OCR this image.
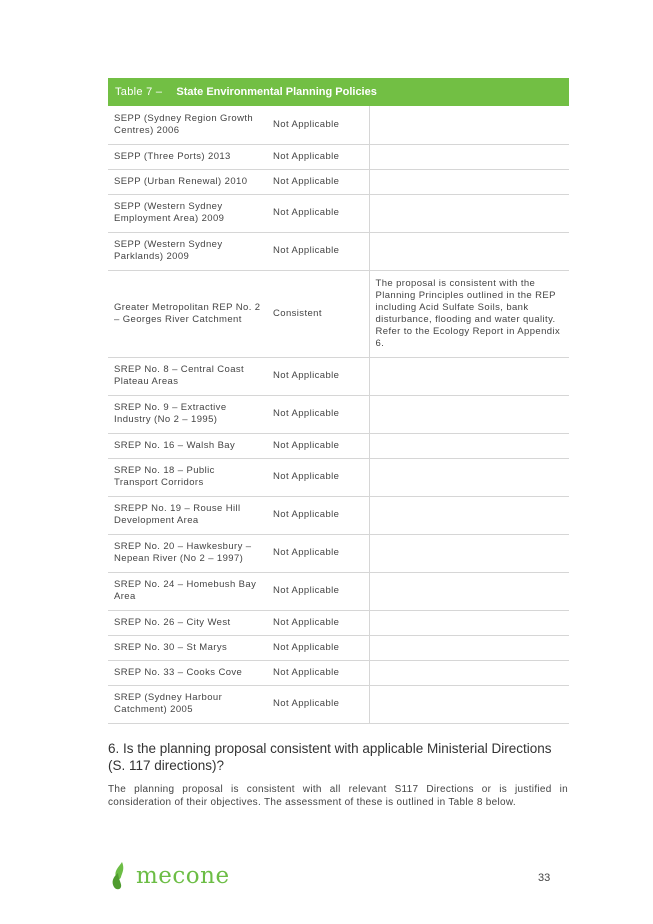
Table 7 – State Environmental Planning Policies
SEPP (Sydney Region Growth Centres) 2006	Not Applicable	
SEPP (Three Ports) 2013	Not Applicable	
SEPP (Urban Renewal) 2010	Not Applicable	
SEPP (Western Sydney Employment Area) 2009	Not Applicable	
SEPP (Western Sydney Parklands) 2009	Not Applicable	
Greater Metropolitan REP No. 2 – Georges River Catchment	Consistent	The proposal is consistent with the Planning Principles outlined in the REP including Acid Sulfate Soils, bank disturbance, flooding and water quality. Refer to the Ecology Report in Appendix 6.
SREP No. 8 – Central Coast Plateau Areas	Not Applicable	
SREP No. 9 – Extractive Industry (No 2 – 1995)	Not Applicable	
SREP No. 16 – Walsh Bay	Not Applicable	
SREP No. 18 – Public Transport Corridors	Not Applicable	
SREPP No. 19 – Rouse Hill Development Area	Not Applicable	
SREP No. 20 – Hawkesbury – Nepean River (No 2 – 1997)	Not Applicable	
SREP No. 24 – Homebush Bay Area	Not Applicable	
SREP No. 26 – City West	Not Applicable	
SREP No. 30 – St Marys	Not Applicable	
SREP No. 33 – Cooks Cove	Not Applicable	
SREP (Sydney Harbour Catchment) 2005	Not Applicable	
6. Is the planning proposal consistent with applicable Ministerial Directions (S. 117 directions)?

The planning proposal is consistent with all relevant S117 Directions or is justified in consideration of their objectives. The assessment of these is outlined in Table 8 below.

mecone	33
